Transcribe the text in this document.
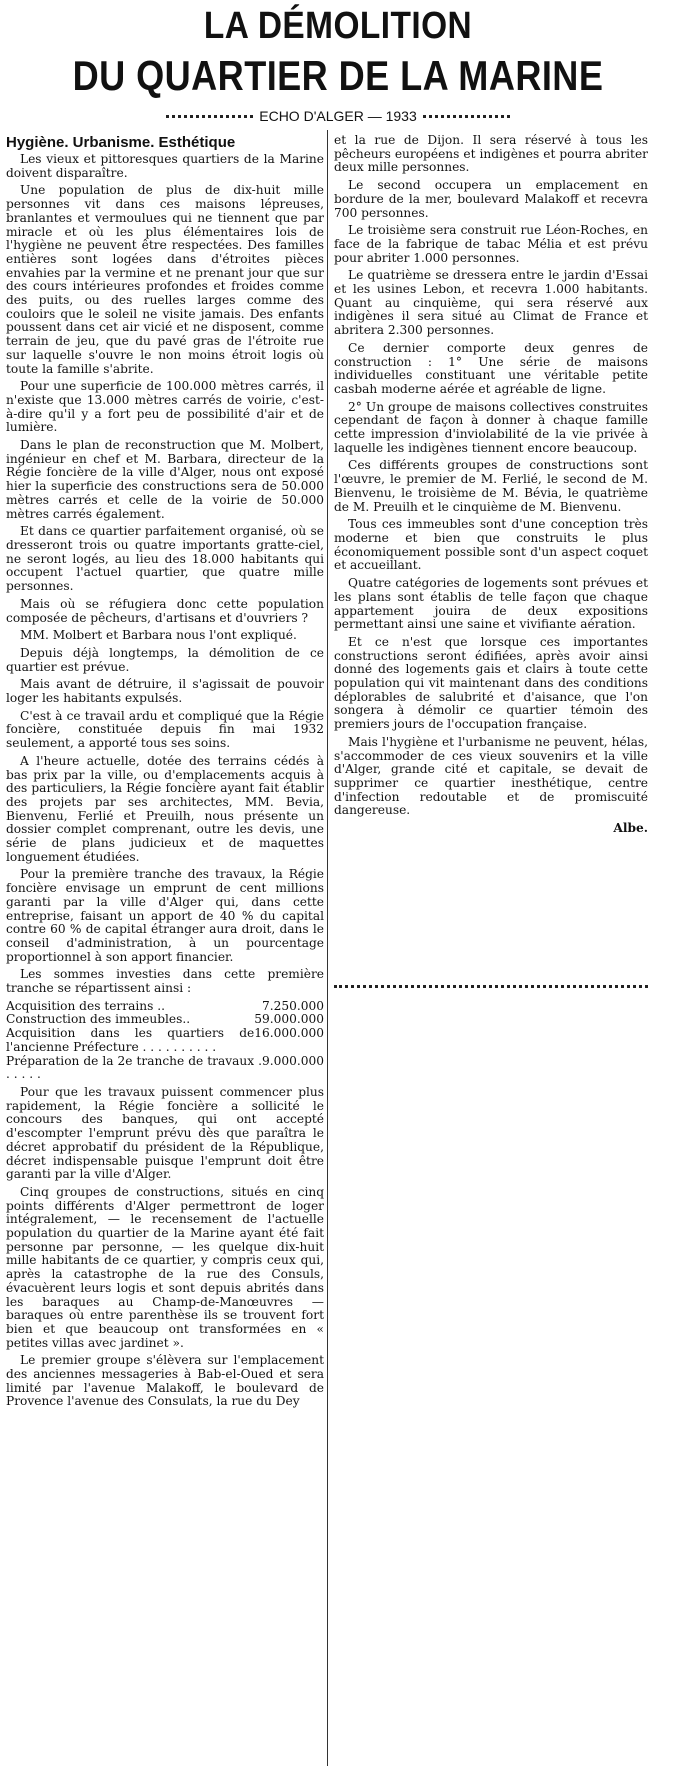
LA DÉMOLITION
DU QUARTIER DE LA MARINE
ECHO D'ALGER — 1933
Hygiène. Urbanisme. Esthétique

Les vieux et pittoresques quartiers de la Marine doivent disparaître.

Une population de plus de dix-huit mille personnes vit dans ces maisons lépreuses, branlantes et vermoulues qui ne tiennent que par miracle et où les plus élémentaires lois de l'hygiène ne peuvent être respectées. Des familles entières sont logées dans d'étroites pièces envahies par la vermine et ne prenant jour que sur des cours intérieures profondes et froides comme des puits, ou des ruelles larges comme des couloirs que le soleil ne visite jamais. Des enfants poussent dans cet air vicié et ne disposent, comme terrain de jeu, que du pavé gras de l'étroite rue sur laquelle s'ouvre le non moins étroit logis où toute la famille s'abrite.

Pour une superficie de 100.000 mètres carrés, il n'existe que 13.000 mètres carrés de voirie, c'est-à-dire qu'il y a fort peu de possibilité d'air et de lumière.

Dans le plan de reconstruction que M. Molbert, ingénieur en chef et M. Barbara, directeur de la Régie foncière de la ville d'Alger, nous ont exposé hier la superficie des constructions sera de 50.000 mètres carrés et celle de la voirie de 50.000 mètres carrés également.

Et dans ce quartier parfaitement organisé, où se dresseront trois ou quatre importants gratte-ciel, ne seront logés, au lieu des 18.000 habitants qui occupent l'actuel quartier, que quatre mille personnes.

Mais où se réfugiera donc cette population composée de pêcheurs, d'artisans et d'ouvriers ?

MM. Molbert et Barbara nous l'ont expliqué.

Depuis déjà longtemps, la démolition de ce quartier est prévue.

Mais avant de détruire, il s'agissait de pouvoir loger les habitants expulsés.

C'est à ce travail ardu et compliqué que la Régie foncière, constituée depuis fin mai 1932 seulement, a apporté tous ses soins.

A l'heure actuelle, dotée des terrains cédés à bas prix par la ville, ou d'emplacements acquis à des particuliers, la Régie foncière ayant fait établir des projets par ses architectes, MM. Bevia, Bienvenu, Ferlié et Preuilh, nous présente un dossier complet comprenant, outre les devis, une série de plans judicieux et de maquettes longuement étudiées.

Pour la première tranche des travaux, la Régie foncière envisage un emprunt de cent millions garanti par la ville d'Alger qui, dans cette entreprise, faisant un apport de 40 % du capital contre 60 % de capital étranger aura droit, dans le conseil d'administration, à un pourcentage proportionnel à son apport financier.

Les sommes investies dans cette première tranche se répartissent ainsi :

Acquisition des terrains ..	7.250.000
Construction des immeubles..	59.000.000
Acquisition dans les quartiers de l'ancienne Préfecture . . . . . . . . . .
16.000.000
Préparation de la 2e tranche de travaux . . . . . .
9.000.000

Pour que les travaux puissent commencer plus rapidement, la Régie foncière a sollicité le concours des banques, qui ont accepté d'escompter l'emprunt prévu dès que paraîtra le décret approbatif du président de la République, décret indispensable puisque l'emprunt doit être garanti par la ville d'Alger.

Cinq groupes de constructions, situés en cinq points différents d'Alger permettront de loger intégralement, — le recensement de l'actuelle population du quartier de la Marine ayant été fait personne par personne, — les quelque dix-huit mille habitants de ce quartier, y compris ceux qui, après la catastrophe de la rue des Consuls, évacuèrent leurs logis et sont depuis abrités dans les baraques au Champ-de-Manœuvres — baraques où entre parenthèse ils se trouvent fort bien et que beaucoup ont transformées en « petites villas avec jardinet ».

Le premier groupe s'élèvera sur l'emplacement des anciennes messageries à Bab-el-Oued et sera limité par l'avenue Malakoff, le boulevard de Provence l'avenue des Consulats, la rue du Dey

et la rue de Dijon. Il sera réservé à tous les pêcheurs européens et indigènes et pourra abriter deux mille personnes.

Le second occupera un emplacement en bordure de la mer, boulevard Malakoff et recevra 700 personnes.

Le troisième sera construit rue Léon-Roches, en face de la fabrique de tabac Mélia et est prévu pour abriter 1.000 personnes.

Le quatrième se dressera entre le jardin d'Essai et les usines Lebon, et recevra 1.000 habitants. Quant au cinquième, qui sera réservé aux indigènes il sera situé au Climat de France et abritera 2.300 personnes.

Ce dernier comporte deux genres de construction : 1° Une série de maisons individuelles constituant une véritable petite casbah moderne aérée et agréable de ligne.

2° Un groupe de maisons collectives construites cependant de façon à donner à chaque famille cette impression d'inviolabilité de la vie privée à laquelle les indigènes tiennent encore beaucoup.

Ces différents groupes de constructions sont l'œuvre, le premier de M. Ferlié, le second de M. Bienvenu, le troisième de M. Bévia, le quatrième de M. Preuilh et le cinquième de M. Bienvenu.

Tous ces immeubles sont d'une conception très moderne et bien que construits le plus économiquement possible sont d'un aspect coquet et accueillant.

Quatre catégories de logements sont prévues et les plans sont établis de telle façon que chaque appartement jouira de deux expositions permettant ainsi une saine et vivifiante aération.

Et ce n'est que lorsque ces importantes constructions seront édifiées, après avoir ainsi donné des logements gais et clairs à toute cette population qui vit maintenant dans des conditions déplorables de salubrité et d'aisance, que l'on songera à démolir ce quartier témoin des premiers jours de l'occupation française.

Mais l'hygiène et l'urbanisme ne peuvent, hélas, s'accommoder de ces vieux souvenirs et la ville d'Alger, grande cité et capitale, se devait de supprimer ce quartier inesthétique, centre d'infection redoutable et de promiscuité dangereuse.

Albe.
